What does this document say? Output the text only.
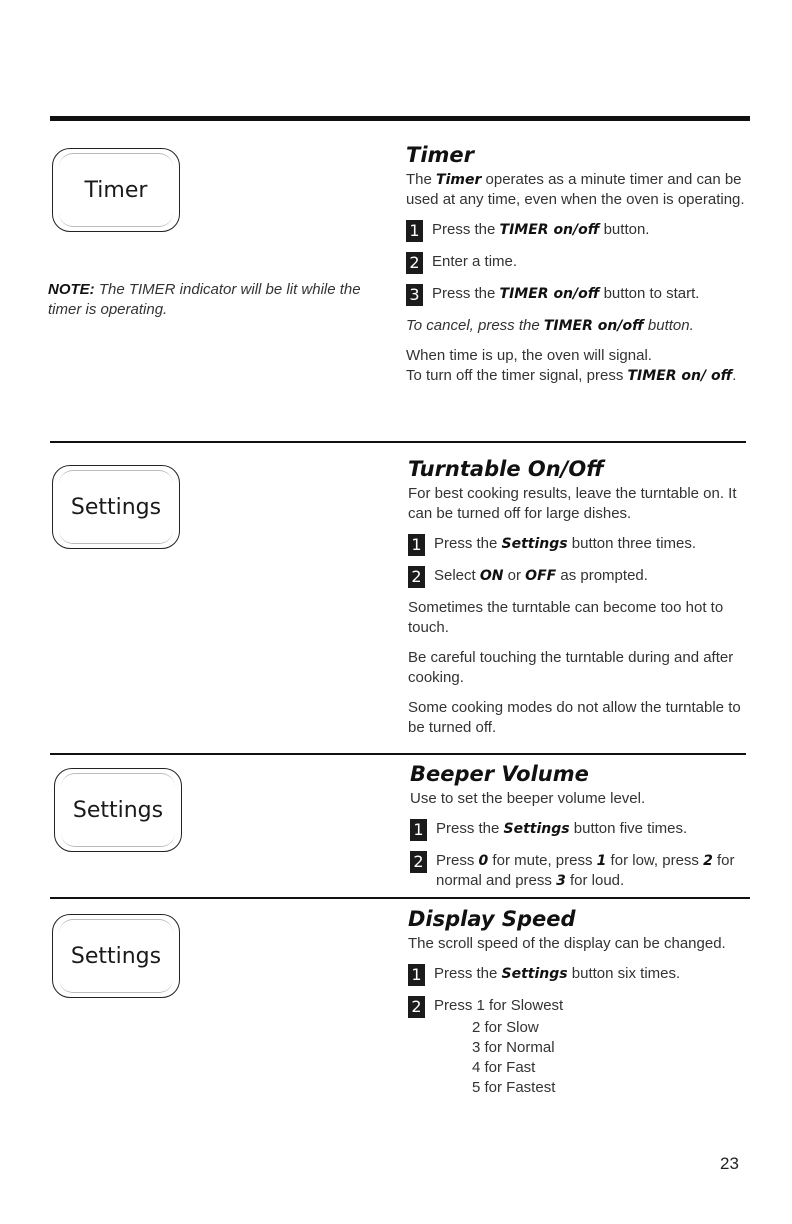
Timer
NOTE: The TIMER indicator will be lit while the timer is operating.
Timer

The Timer operates as a minute timer and can be used at any time, even when the oven is operating.

1 Press the TIMER on/off button.
2 Enter a time.
3 Press the TIMER on/off button to start.

To cancel, press the TIMER on/off button.

When time is up, the oven will signal.
To turn off the timer signal, press TIMER on/ off.

Settings
Turntable On/Off

For best cooking results, leave the turntable on. It can be turned off for large dishes.

1 Press the Settings button three times.
2 Select ON or OFF as prompted.

Sometimes the turntable can become too hot to touch.

Be careful touching the turntable during and after cooking.

Some cooking modes do not allow the turntable to be turned off.

Settings
Beeper Volume

Use to set the beeper volume level.

1 Press the Settings button five times.
2 Press 0 for mute, press 1 for low, press 2 for normal and press 3 for loud.
Settings
Display Speed

The scroll speed of the display can be changed.

1 Press the Settings button six times.
2 Press 1 for Slowest
2 for Slow
3 for Normal
4 for Fast
5 for Fastest
23
